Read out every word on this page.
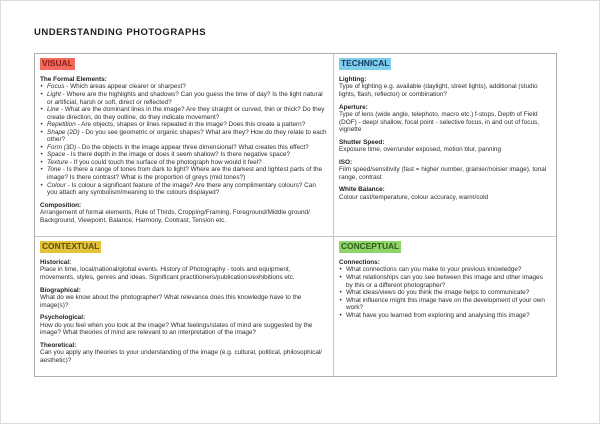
UNDERSTANDING PHOTOGRAPHS
VISUAL
The Formal Elements:
• Focus - Which areas appear clearer or sharpest?
• Light - Where are the highlights and shadows? Can you guess the time of day? Is the light natural or artificial, harsh or soft, direct or reflected?
• Line - What are the dominant lines in the image? Are they straight or curved, thin or thick? Do they create direction, do they outline, do they indicate movement?
• Repetition - Are objects, shapes or lines repeated in the image? Does this create a pattern?
• Shape (2D) - Do you see geometric or organic shapes? What are they? How do they relate to each other?
• Form (3D) - Do the objects in the image appear three dimensional? What creates this effect?
• Space - Is there depth in the image or does it seem shallow? Is there negative space?
• Texture - If you could touch the surface of the photograph how would it feel?
• Tone - Is there a range of tones from dark to light? Where are the darkest and lightest parts of the image? Is there contrast? What is the proportion of greys (mid tones?)
• Colour - Is colour a significant feature of the image? Are there any complimentary colours? Can you attach any symbolism/meaning to the colours displayed?
Composition:
Arrangement of formal elements, Rule of Thirds, Cropping/Framing, Foreground/Middle ground/ Background, Viewpoint, Balance, Harmony, Contrast, Tension etc.
TECHNICAL
Lighting:
Type of lighting e.g. available (daylight, street lights), additional (studio lights, flash, reflector) or combination?
Aperture:
Type of lens (wide angle, telephoto, macro etc.) f-stops, Depth of Field (DOF) - deep/ shallow, focal point - selective focus, in and out of focus, vignette
Shutter Speed:
Exposure time, over/under exposed, motion blur, panning
ISO:
Film speed/sensitivity (fast = higher number, grainier/noisier image), tonal range, contrast
White Balance:
Colour cast/temperature, colour accuracy, warm/cold
CONTEXTUAL
Historical:
Place in time, local/national/global events. History of Photography - tools and equipment, movements, styles, genres and ideas. Significant practitioners/publications/exhibitions etc.
Biographical:
What do we know about the photographer? What relevance does this knowledge have to the image(s)?
Psychological:
How do you feel when you look at the image? What feelings/states of mind are suggested by the image? What theories of mind are relevant to an interpretation of the image?
Theoretical:
Can you apply any theories to your understanding of the image (e.g. cultural, political, philosophical/ aesthetic)?
CONCEPTUAL
Connections:
• What connections can you make to your previous knowledge?
• What relationships can you see between this image and other images by this or a different photographer?
• What ideas/views do you think the image helps to communicate?
• What influence might this image have on the development of your own work?
• What have you learned from exploring and analysing this image?
